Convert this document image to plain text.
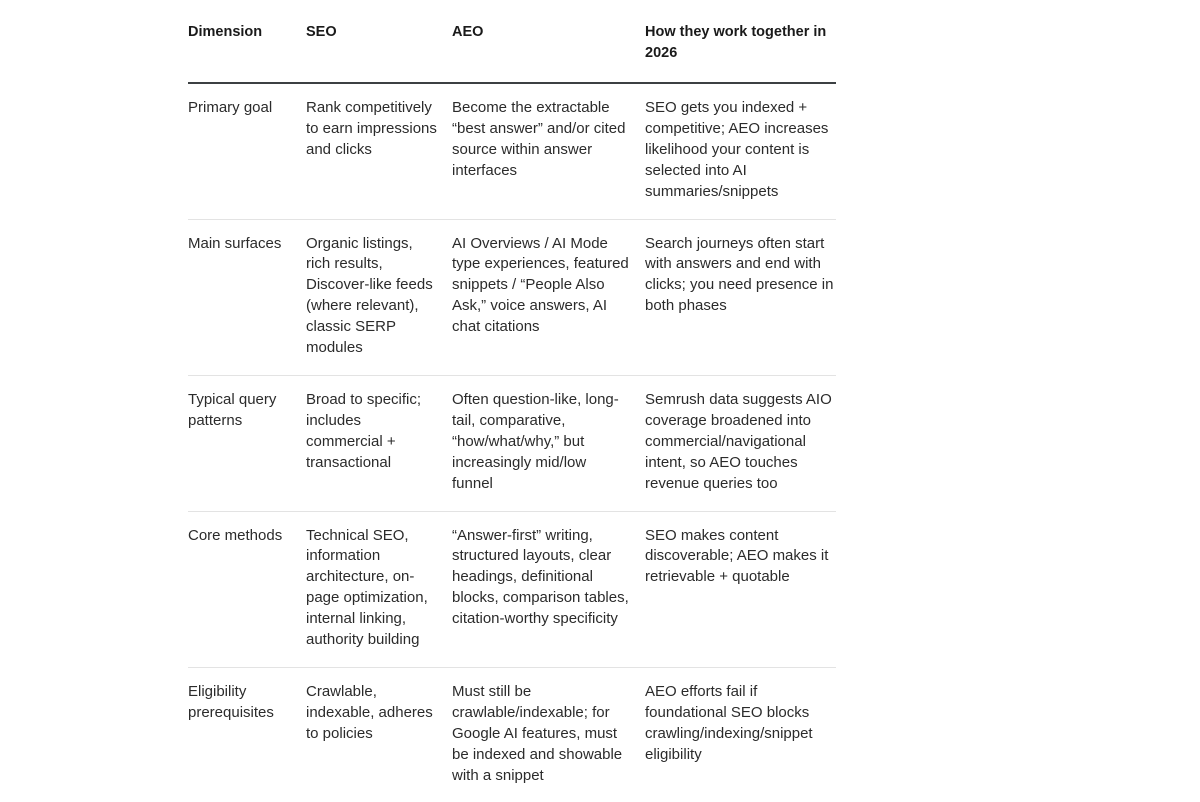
Dimension	SEO	AEO	How they work together in 2026
Primary goal	Rank competitively to earn impressions and clicks	Become the extractable “best answer” and/or cited source within answer interfaces	SEO gets you indexed + competitive; AEO increases likelihood your content is selected into AI summaries/snippets
Main surfaces	Organic listings, rich results, Discover-like feeds (where relevant), classic SERP modules	AI Overviews / AI Mode type experiences, featured snippets / “People Also Ask,” voice answers, AI chat citations	Search journeys often start with answers and end with clicks; you need presence in both phases
Typical query patterns	Broad to specific; includes commercial + transactional	Often question-like, long-tail, comparative, “how/what/why,” but increasingly mid/low funnel	Semrush data suggests AIO coverage broadened into commercial/navigational intent, so AEO touches revenue queries too
Core methods	Technical SEO, information architecture, on-page optimization, internal linking, authority building	“Answer-first” writing, structured layouts, clear headings, definitional blocks, comparison tables, citation-worthy specificity	SEO makes content discoverable; AEO makes it retrievable + quotable
Eligibility prerequisites	Crawlable, indexable, adheres to policies	Must still be crawlable/indexable; for Google AI features, must be indexed and showable with a snippet	AEO efforts fail if foundational SEO blocks crawling/indexing/snippet eligibility
